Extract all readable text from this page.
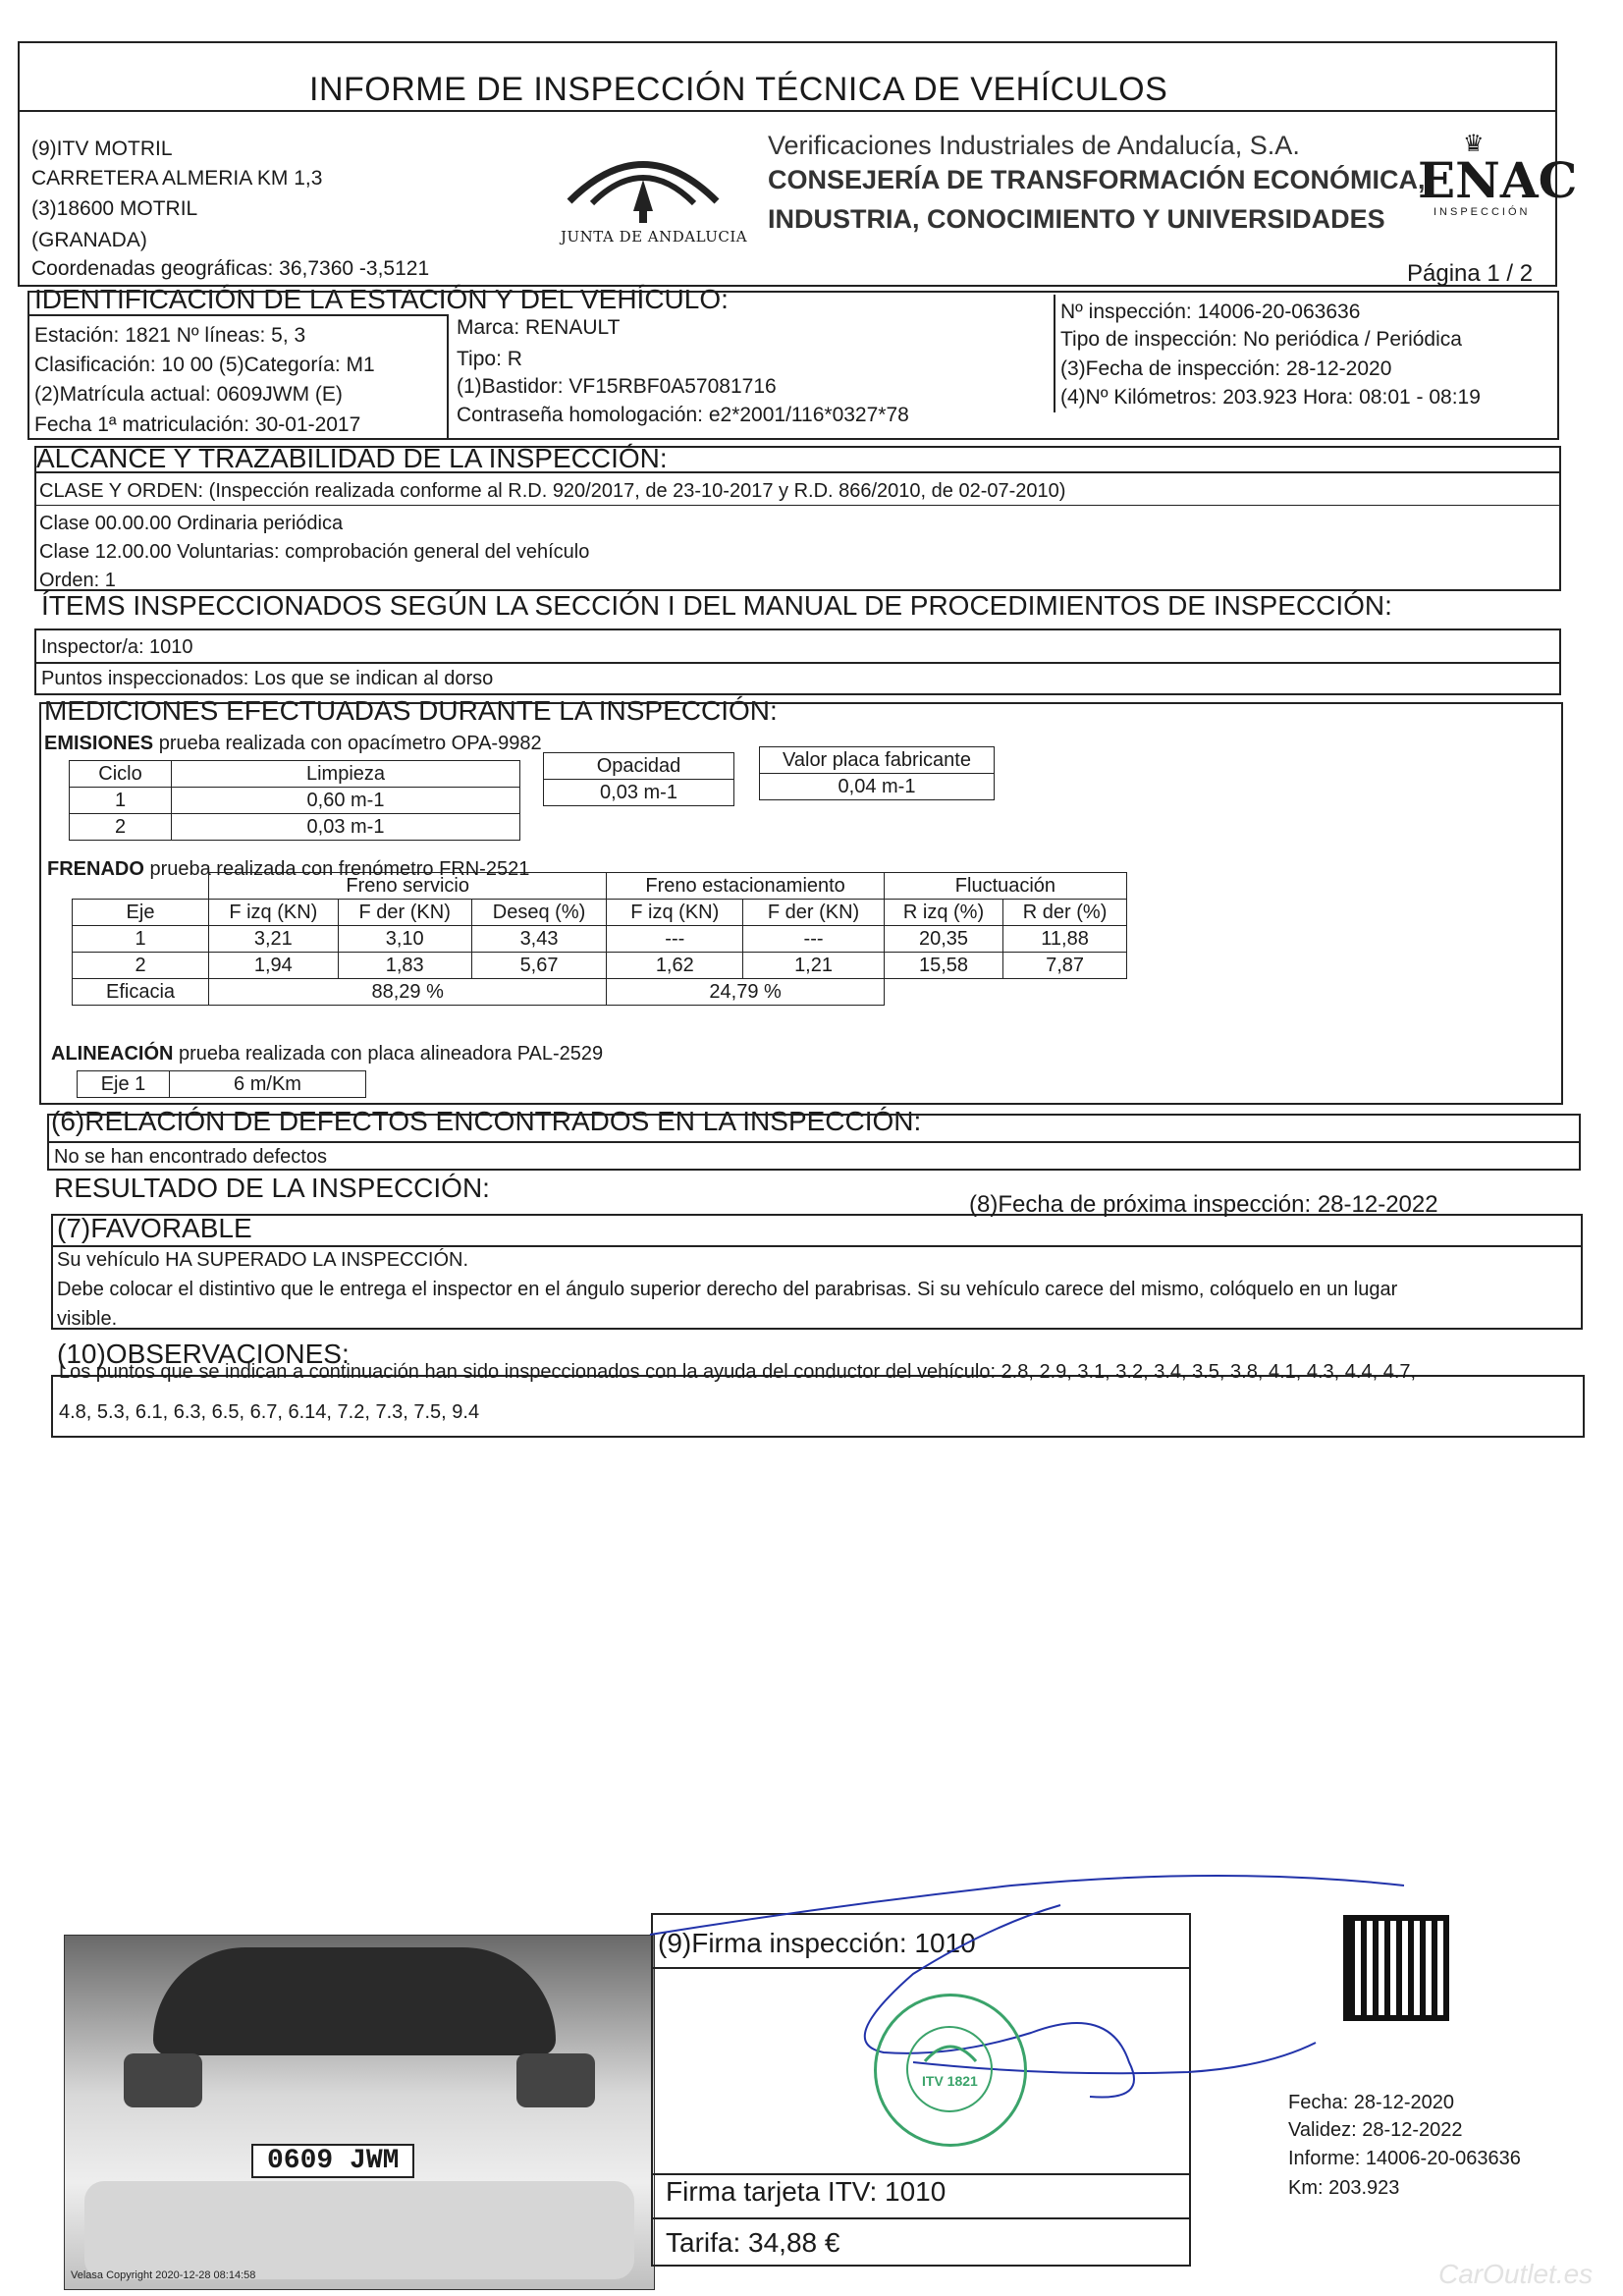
INFORME DE INSPECCIÓN TÉCNICA DE VEHÍCULOS
(9)ITV MOTRIL
CARRETERA ALMERIA KM 1,3
(3)18600 MOTRIL
(GRANADA)
Coordenadas geográficas: 36,7360 -3,5121
JUNTA DE ANDALUCIA
Verificaciones Industriales de Andalucía, S.A.
CONSEJERÍA DE TRANSFORMACIÓN ECONÓMICA,
INDUSTRIA, CONOCIMIENTO Y UNIVERSIDADES
♛
ENAC
INSPECCIÓN
Página 1 / 2
IDENTIFICACIÓN DE LA ESTACIÓN Y DEL VEHÍCULO:
Estación: 1821 Nº líneas: 5, 3
Clasificación: 10 00 (5)Categoría: M1
(2)Matrícula actual: 0609JWM (E)
Fecha 1ª matriculación: 30-01-2017
Marca: RENAULT
Tipo: R
(1)Bastidor: VF15RBF0A57081716
Contraseña homologación: e2*2001/116*0327*78
Nº inspección: 14006-20-063636
Tipo de inspección: No periódica / Periódica
(3)Fecha de inspección: 28-12-2020
(4)Nº Kilómetros: 203.923 Hora: 08:01 - 08:19
ALCANCE Y TRAZABILIDAD DE LA INSPECCIÓN:
CLASE Y ORDEN: (Inspección realizada conforme al R.D. 920/2017, de 23-10-2017 y R.D. 866/2010, de 02-07-2010)
Clase 00.00.00 Ordinaria periódica
Clase 12.00.00 Voluntarias: comprobación general del vehículo
Orden: 1
ÍTEMS INSPECCIONADOS SEGÚN LA SECCIÓN I DEL MANUAL DE PROCEDIMIENTOS DE INSPECCIÓN:
Inspector/a: 1010
Puntos inspeccionados: Los que se indican al dorso
MEDICIONES EFECTUADAS DURANTE LA INSPECCIÓN:
EMISIONES prueba realizada con opacímetro OPA-9982
Ciclo	Limpieza
1	0,60 m-1
2	0,03 m-1
Opacidad
0,03 m-1
Valor placa fabricante
0,04 m-1
FRENADO prueba realizada con frenómetro FRN-2521
	Freno servicio			Freno estacionamiento		Fluctuación	
Eje	F izq (KN)	F der (KN)	Deseq (%)	F izq (KN)	F der (KN)	R izq (%)	R der (%)
1	3,21	3,10	3,43	---	---	20,35	11,88
2	1,94	1,83	5,67	1,62	1,21	15,58	7,87
Eficacia	88,29 %			24,79 %			
ALINEACIÓN prueba realizada con placa alineadora PAL-2529
Eje 1	6 m/Km
(6)RELACIÓN DE DEFECTOS ENCONTRADOS EN LA INSPECCIÓN:
No se han encontrado defectos
RESULTADO DE LA INSPECCIÓN:
(7)FAVORABLE
(8)Fecha de próxima inspección: 28-12-2022
Su vehículo HA SUPERADO LA INSPECCIÓN.
Debe colocar el distintivo que le entrega el inspector en el ángulo superior derecho del parabrisas. Si su vehículo carece del mismo, colóquelo en un lugar
visible.
(10)OBSERVACIONES:
Los puntos que se indican a continuación han sido inspeccionados con la ayuda del conductor del vehículo: 2.8, 2.9, 3.1, 3.2, 3.4, 3.5, 3.8, 4.1, 4.3, 4.4, 4.7,
4.8, 5.3, 6.1, 6.3, 6.5, 6.7, 6.14, 7.2, 7.3, 7.5, 9.4
0609 JWM
Velasa Copyright 2020-12-28 08:14:58
(9)Firma inspección: 1010
Firma tarjeta ITV: 1010
Tarifa: 34,88 €
ITV 1821
Fecha: 28-12-2020
Validez: 28-12-2022
Informe: 14006-20-063636
Km: 203.923
CarOutlet.es
